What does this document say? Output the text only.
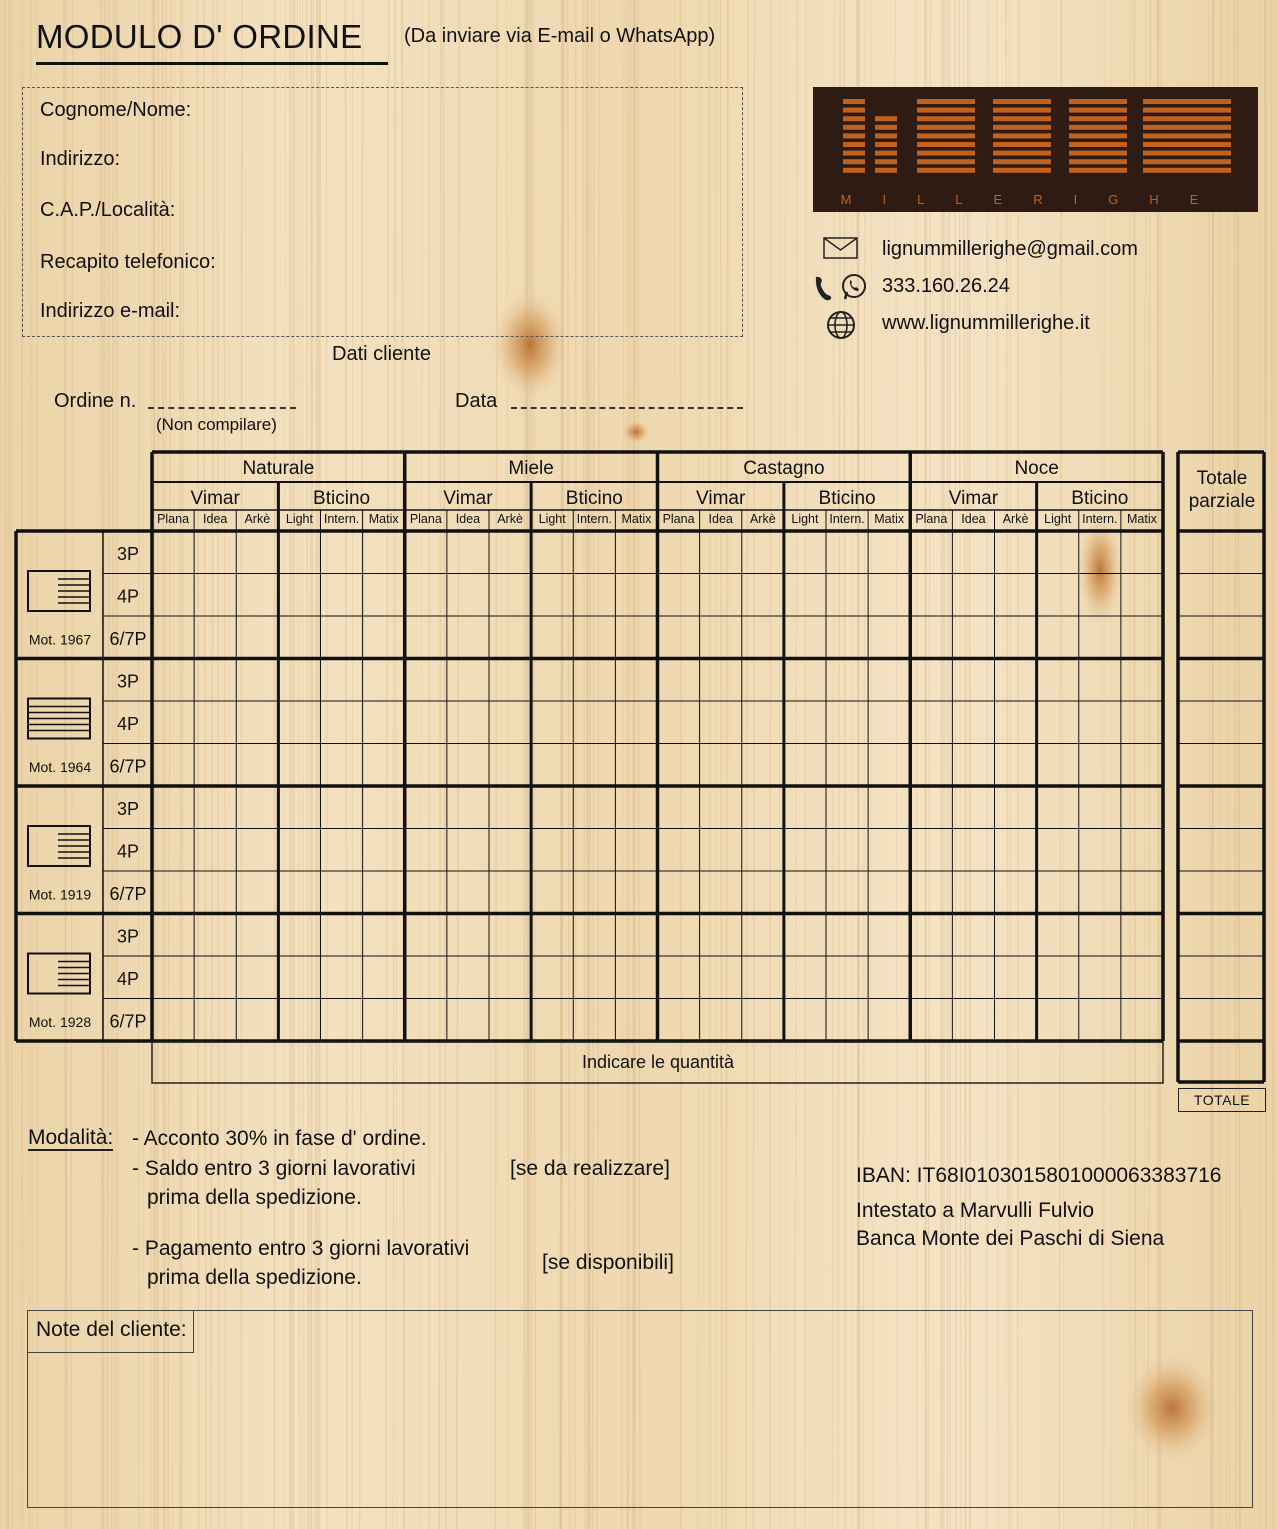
MODULO D' ORDINE (Da inviare via E-mail o WhatsApp)
Cognome/Nome:
Indirizzo:
C.A.P./Località:
Recapito telefonico:
Indirizzo e-mail:
Dati cliente
Ordine n.
(Non compilare)
Data
MILLERIGHE
lignummillerighe@gmail.com
333.160.26.24
www.lignummillerighe.it
Naturale
Vimar
Plana Idea Arkè
Bticino
Light Intern. Matix
Miele
Vimar
Plana Idea Arkè
Bticino
Light Intern. Matix
Castagno
Vimar
Plana Idea Arkè
Bticino
Light Intern. Matix
Noce
Vimar
Plana Idea Arkè
Bticino
Light Intern. Matix
3P
4P
6/7P
Mot. 1967
3P
4P
6/7P
Mot. 1964
3P
4P
6/7P
Mot. 1919
3P
4P
6/7P
Mot. 1928
Totale
parziale
Indicare le quantità
TOTALE
Modalità: - Acconto 30% in fase d' ordine.
- Saldo entro 3 giorni lavorativi
prima della spedizione.
- Pagamento entro 3 giorni lavorativi
prima della spedizione.
[se da realizzare]
[se disponibili]
IBAN: IT68I0103015801000063383716
Intestato a Marvulli Fulvio
Banca Monte dei Paschi di Siena
Note del cliente:
